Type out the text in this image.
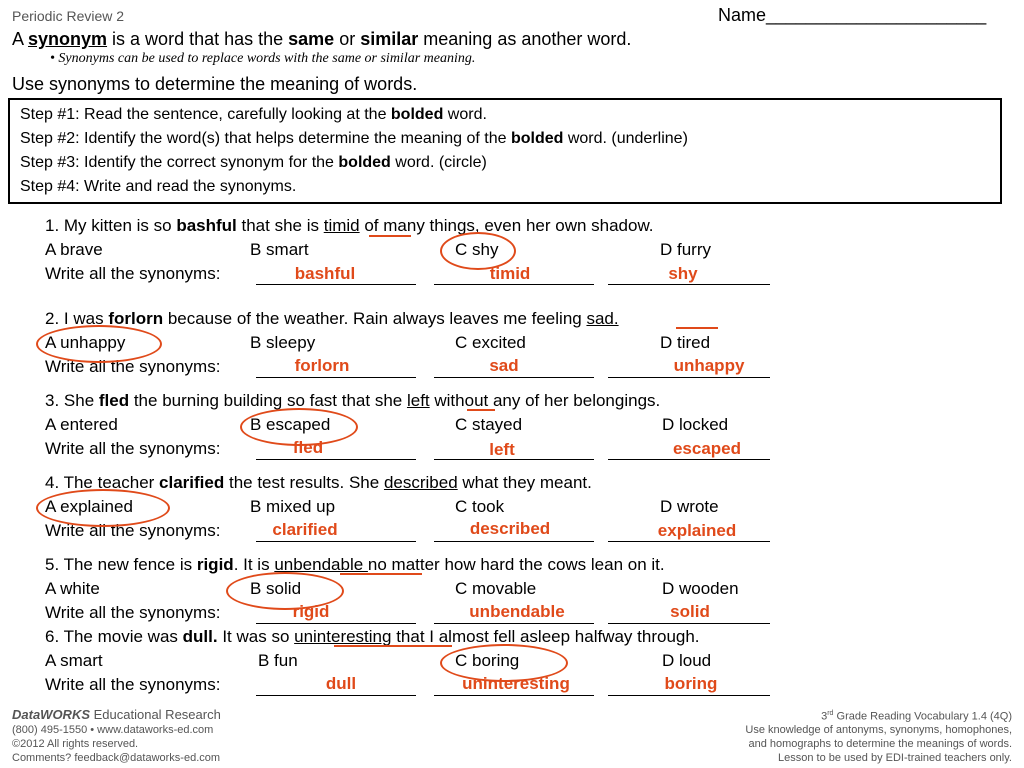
Periodic Review 2	Name______________________
A synonym is a word that has the same or similar meaning as another word.
• Synonyms can be used to replace words with the same or similar meaning.
Use synonyms to determine the meaning of words.
Step #1: Read the sentence, carefully looking at the bolded word.
Step #2: Identify the word(s) that helps determine the meaning of the bolded word. (underline)
Step #3: Identify the correct synonym for the bolded word. (circle)
Step #4: Write and read the synonyms.
1. My kitten is so bashful that she is timid of many things, even her own shadow.
A brave	B smart	C shy	D furry
Write all the synonyms:	bashful	timid	shy
2. I was forlorn because of the weather. Rain always leaves me feeling sad.
A unhappy	B sleepy	C excited	D tired
Write all the synonyms:	forlorn	sad	unhappy
3. She fled the burning building so fast that she left without any of her belongings.
A entered	B escaped	C stayed	D locked
Write all the synonyms:	fled	left	escaped
4. The teacher clarified the test results. She described what they meant.
A explained	B mixed up	C took	D wrote
Write all the synonyms:	clarified	described	explained
5. The new fence is rigid. It is unbendable no matter how hard the cows lean on it.
A white	B solid	C movable	D wooden
Write all the synonyms:	rigid	unbendable	solid
6. The movie was dull. It was so uninteresting that I almost fell asleep halfway through.
A smart	B fun	C boring	D loud
Write all the synonyms:	dull	uninteresting	boring
DataWORKS Educational Research
(800) 495-1550 • www.dataworks-ed.com
©2012 All rights reserved.
Comments? feedback@dataworks-ed.com
3rd Grade Reading Vocabulary 1.4 (4Q)
Use knowledge of antonyms, synonyms, homophones,
and homographs to determine the meanings of words.
Lesson to be used by EDI-trained teachers only.
